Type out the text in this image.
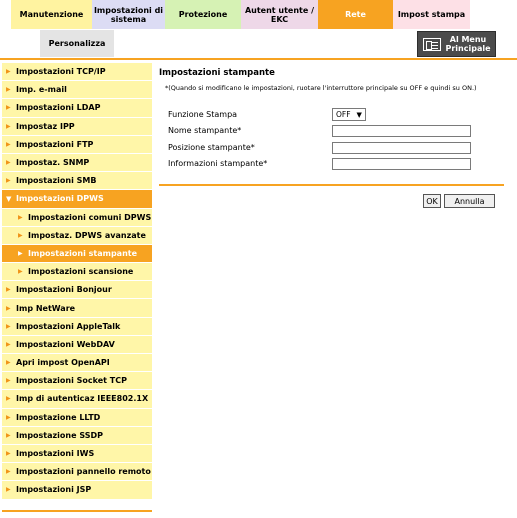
Manutenzione	Impostazioni di sistema	Protezione	Autent utente / EKC	Rete	Impost stampa
Personalizza	Al Menu Principale
▶ Impostazioni TCP/IP
▶ Imp. e-mail
▶ Impostazioni LDAP
▶ Impostaz IPP
▶ Impostazioni FTP
▶ Impostaz. SNMP
▶ Impostazioni SMB
▼ Impostazioni DPWS
▶ Impostazioni comuni DPWS
▶ Impostaz. DPWS avanzate
▶ Impostazioni stampante
▶ Impostazioni scansione
▶ Impostazioni Bonjour
▶ Imp NetWare
▶ Impostazioni AppleTalk
▶ Impostazioni WebDAV
▶ Apri impost OpenAPI
▶ Impostazioni Socket TCP
▶ Imp di autenticaz IEEE802.1X
▶ Impostazione LLTD
▶ Impostazione SSDP
▶ Impostazioni IWS
▶ Impostazioni pannello remoto
▶ Impostazioni JSP
Impostazioni stampante
*(Quando si modificano le impostazioni, ruotare l'interruttore principale su OFF e quindi su ON.)
Funzione Stampa	OFF ▼
Nome stampante*
Posizione stampante*
Informazioni stampante*
OK	Annulla
